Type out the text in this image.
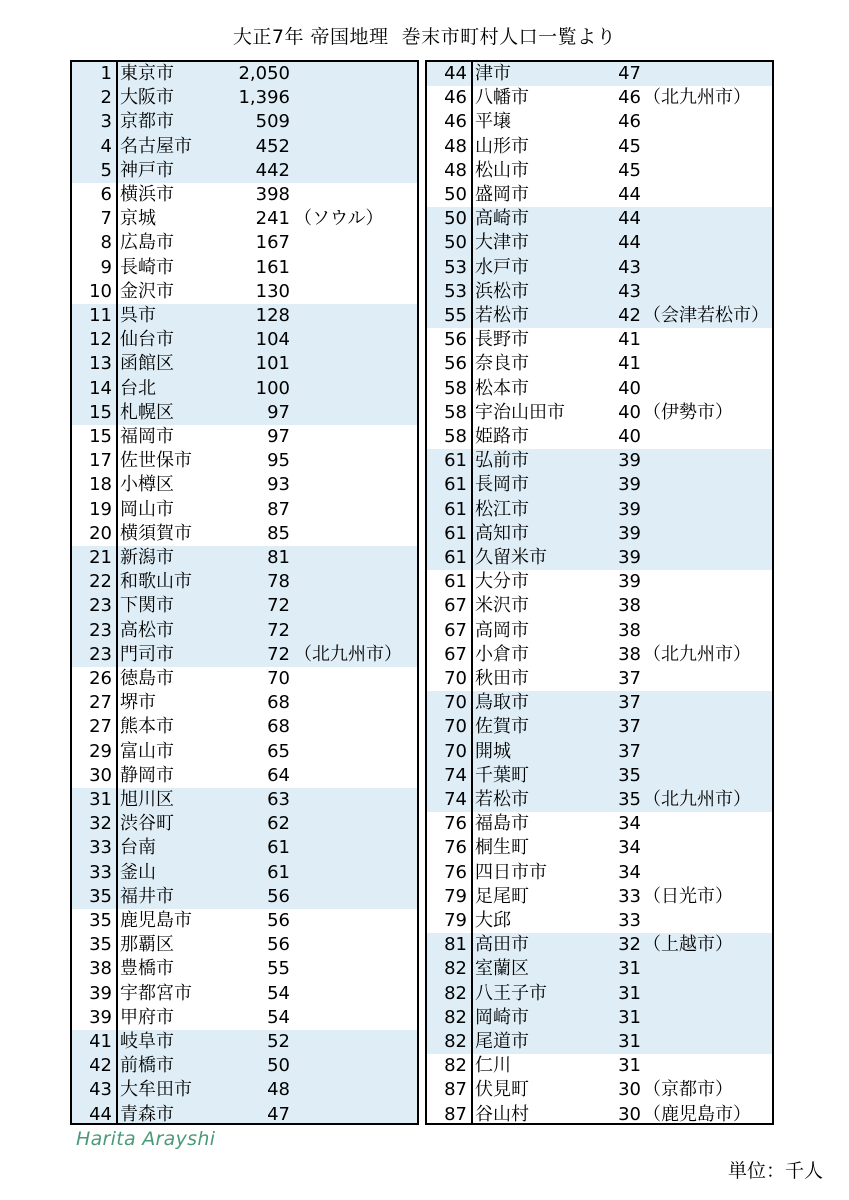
大正7年 帝国地理  巻末市町村人口一覧より
1 東京市	2,050
2 大阪市	1,396
3 京都市	509
4 名古屋市	452
5 神戸市	442
6 横浜市	398
7 京城	241 （ソウル）
8 広島市	167
9 長崎市	161
10 金沢市	130
11 呉市	128
12 仙台市	104
13 函館区	101
14 台北	100
15 札幌区	97
15 福岡市	97
17 佐世保市	95
18 小樽区	93
19 岡山市	87
20 横須賀市	85
21 新潟市	81
22 和歌山市	78
23 下関市	72
23 高松市	72
23 門司市	72 （北九州市）
26 徳島市	70
27 堺市	68
27 熊本市	68
29 富山市	65
30 静岡市	64
31 旭川区	63
32 渋谷町	62
33 台南	61
33 釜山	61
35 福井市	56
35 鹿児島市	56
35 那覇区	56
38 豊橋市	55
39 宇都宮市	54
39 甲府市	54
41 岐阜市	52
42 前橋市	50
43 大牟田市	48
44 青森市	47
44 津市	47
46 八幡市	46 （北九州市）
46 平壌	46
48 山形市	45
48 松山市	45
50 盛岡市	44
50 高崎市	44
50 大津市	44
53 水戸市	43
53 浜松市	43
55 若松市	42 （会津若松市）
56 長野市	41
56 奈良市	41
58 松本市	40
58 宇治山田市	40 （伊勢市）
58 姫路市	40
61 弘前市	39
61 長岡市	39
61 松江市	39
61 高知市	39
61 久留米市	39
61 大分市	39
67 米沢市	38
67 高岡市	38
67 小倉市	38 （北九州市）
70 秋田市	37
70 鳥取市	37
70 佐賀市	37
70 開城	37
74 千葉町	35
74 若松市	35 （北九州市）
76 福島市	34
76 桐生町	34
76 四日市市	34
79 足尾町	33 （日光市）
79 大邱	33
81 高田市	32 （上越市）
82 室蘭区	31
82 八王子市	31
82 岡崎市	31
82 尾道市	31
82 仁川	31
87 伏見町	30 （京都市）
87 谷山村	30 （鹿児島市）
Harita Arayshi
単位：千人
